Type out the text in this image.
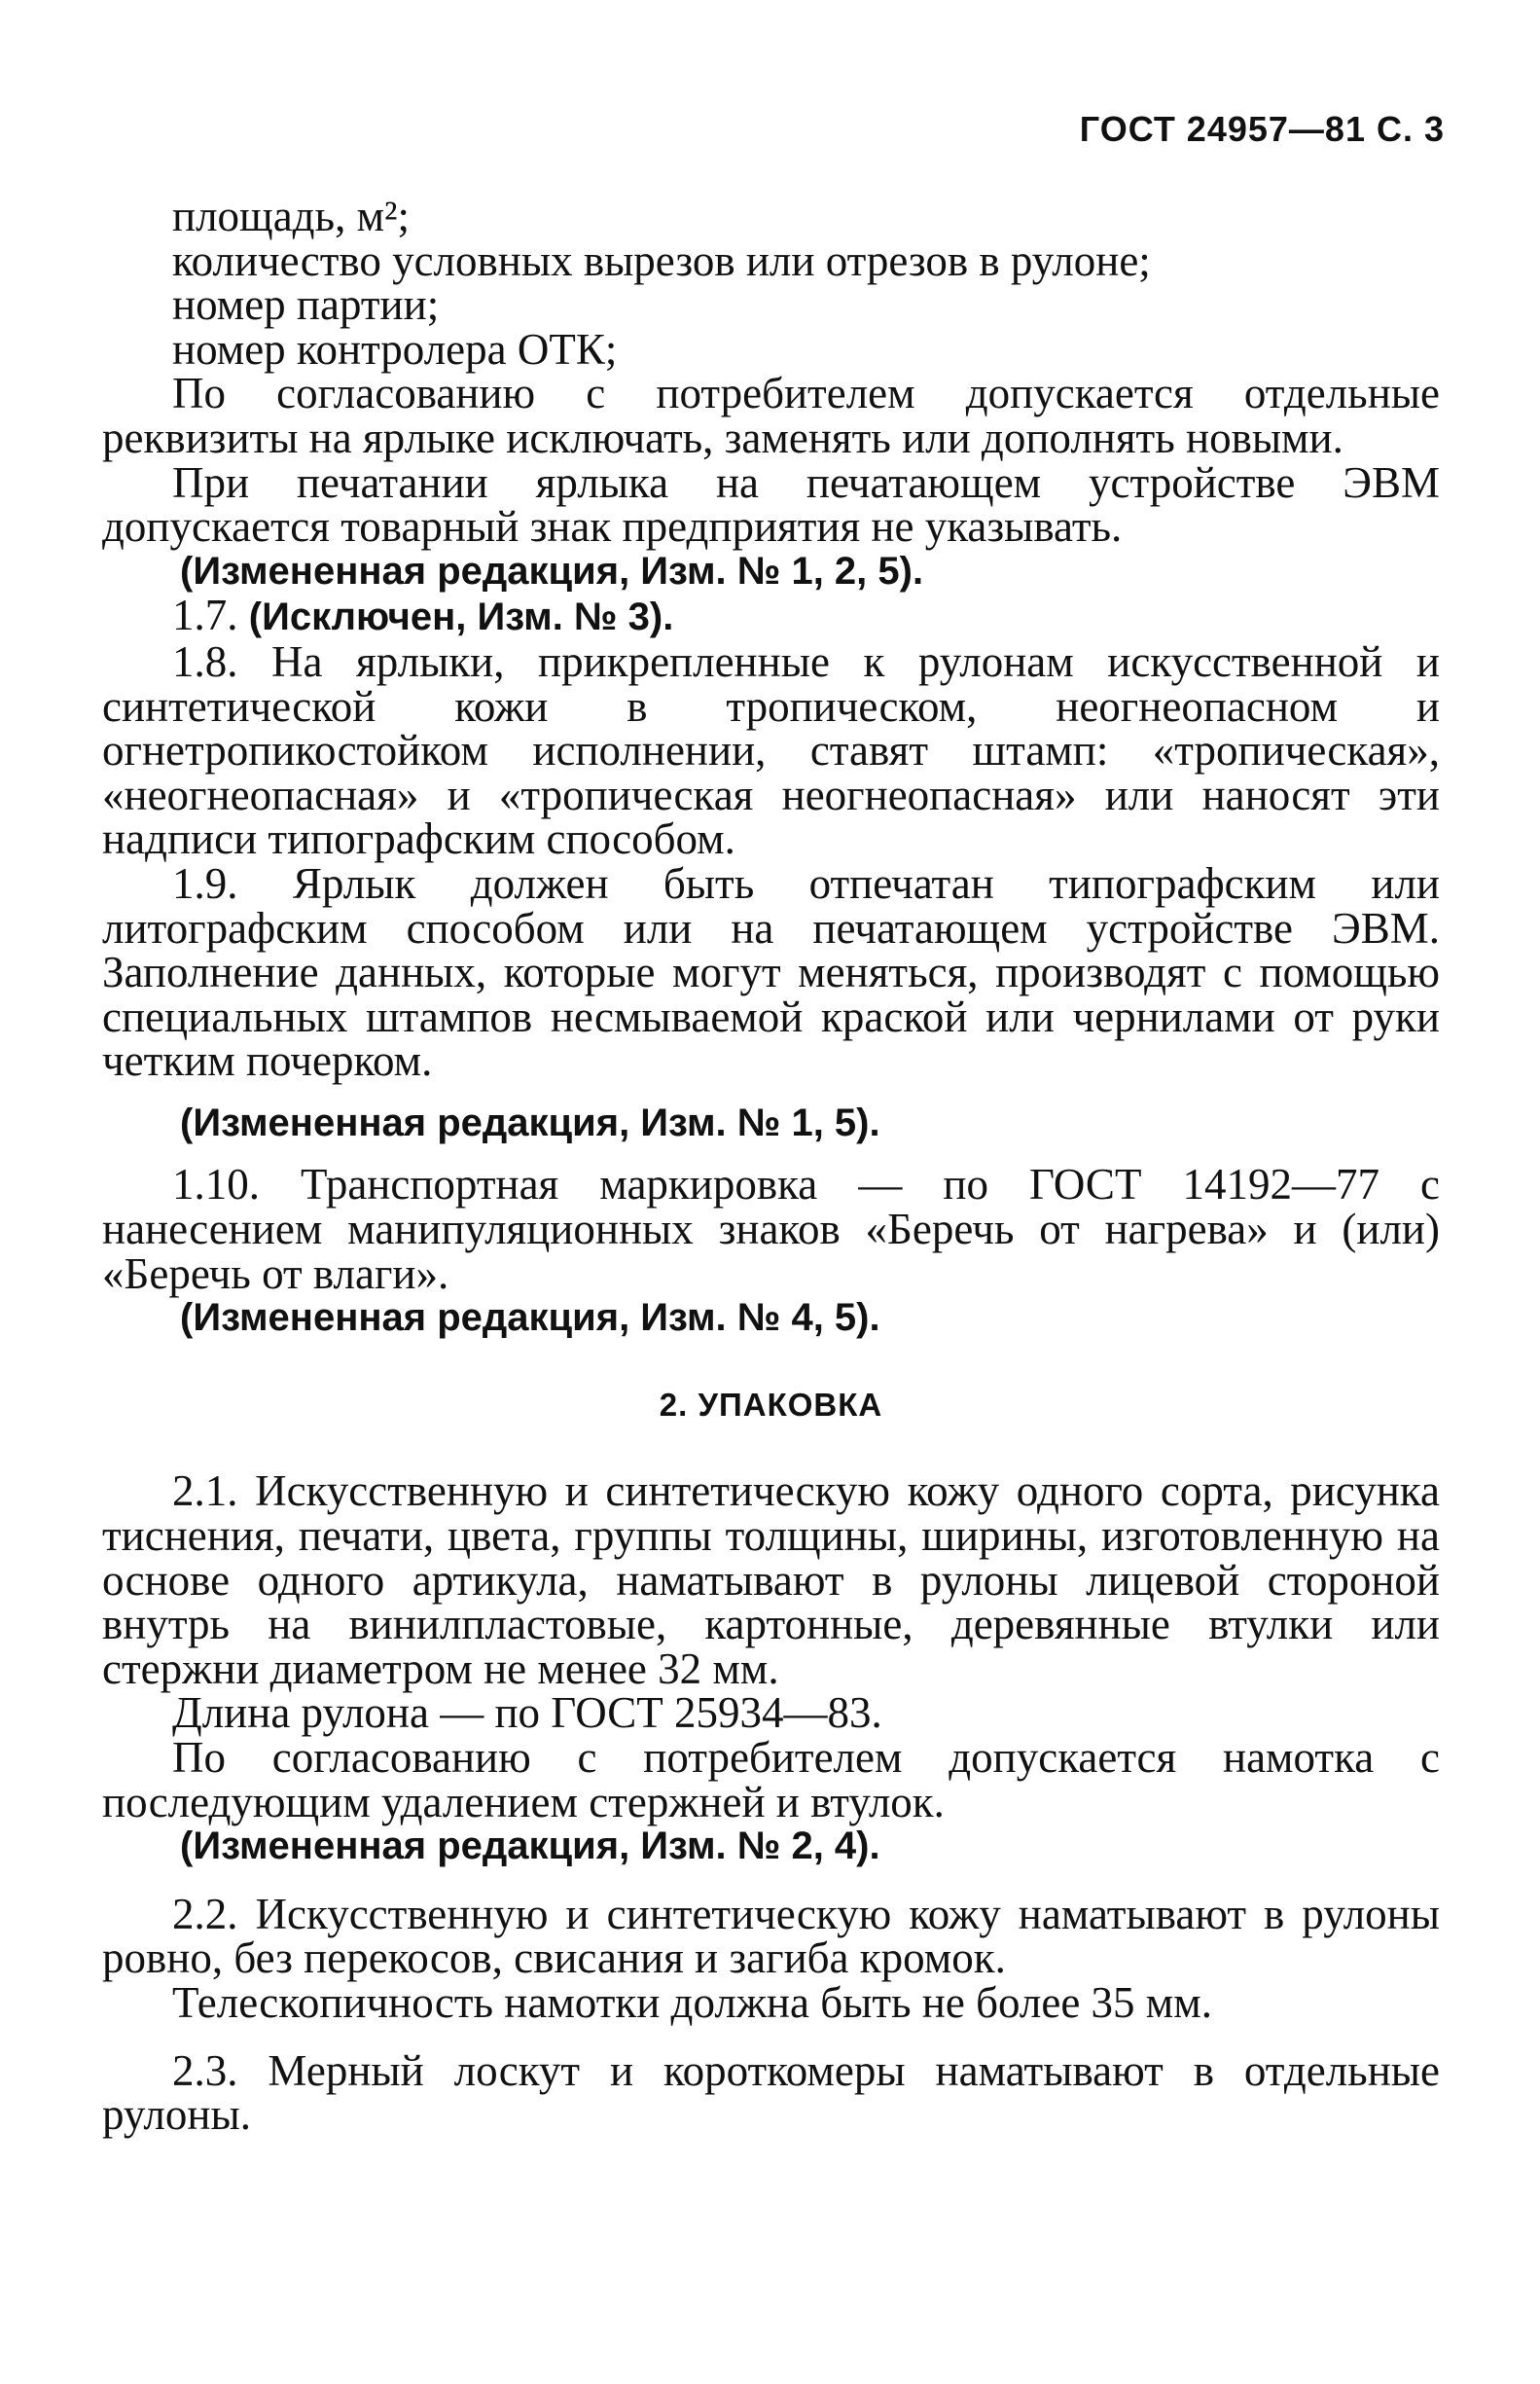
ГОСТ 24957—81 С. 3

площадь, м²;

количество условных вырезов или отрезов в рулоне;

номер партии;

номер контролера ОТК;

По согласованию с потребителем допускается отдельные реквизиты на ярлыке исключать, заменять или дополнять новыми.

При печатании ярлыка на печатающем устройстве ЭВМ допускается товарный знак предприятия не указывать.

(Измененная редакция, Изм. № 1, 2, 5).

1.7. (Исключен, Изм. № 3).

1.8. На ярлыки, прикрепленные к рулонам искусственной и синтетической кожи в тропическом, неогнеопасном и огнетропикостойком исполнении, ставят штамп: «тропическая», «неогнеопасная» и «тропическая неогнеопасная» или наносят эти надписи типографским способом.

1.9. Ярлык должен быть отпечатан типографским или литографским способом или на печатающем устройстве ЭВМ. Заполнение данных, которые могут меняться, производят с помощью специальных штампов несмываемой краской или чернилами от руки четким почерком.

(Измененная редакция, Изм. № 1, 5).

1.10. Транспортная маркировка — по ГОСТ 14192—77 с нанесением манипуляционных знаков «Беречь от нагрева» и (или) «Беречь от влаги».

(Измененная редакция, Изм. № 4, 5).

2. УПАКОВКА

2.1. Искусственную и синтетическую кожу одного сорта, рисунка тиснения, печати, цвета, группы толщины, ширины, изготовленную на основе одного артикула, наматывают в рулоны лицевой стороной внутрь на винилпластовые, картонные, деревянные втулки или стержни диаметром не менее 32 мм.

Длина рулона — по ГОСТ 25934—83.

По согласованию с потребителем допускается намотка с последующим удалением стержней и втулок.

(Измененная редакция, Изм. № 2, 4).

2.2. Искусственную и синтетическую кожу наматывают в рулоны ровно, без перекосов, свисания и загиба кромок.

Телескопичность намотки должна быть не более 35 мм.

2.3. Мерный лоскут и короткомеры наматывают в отдельные рулоны.
